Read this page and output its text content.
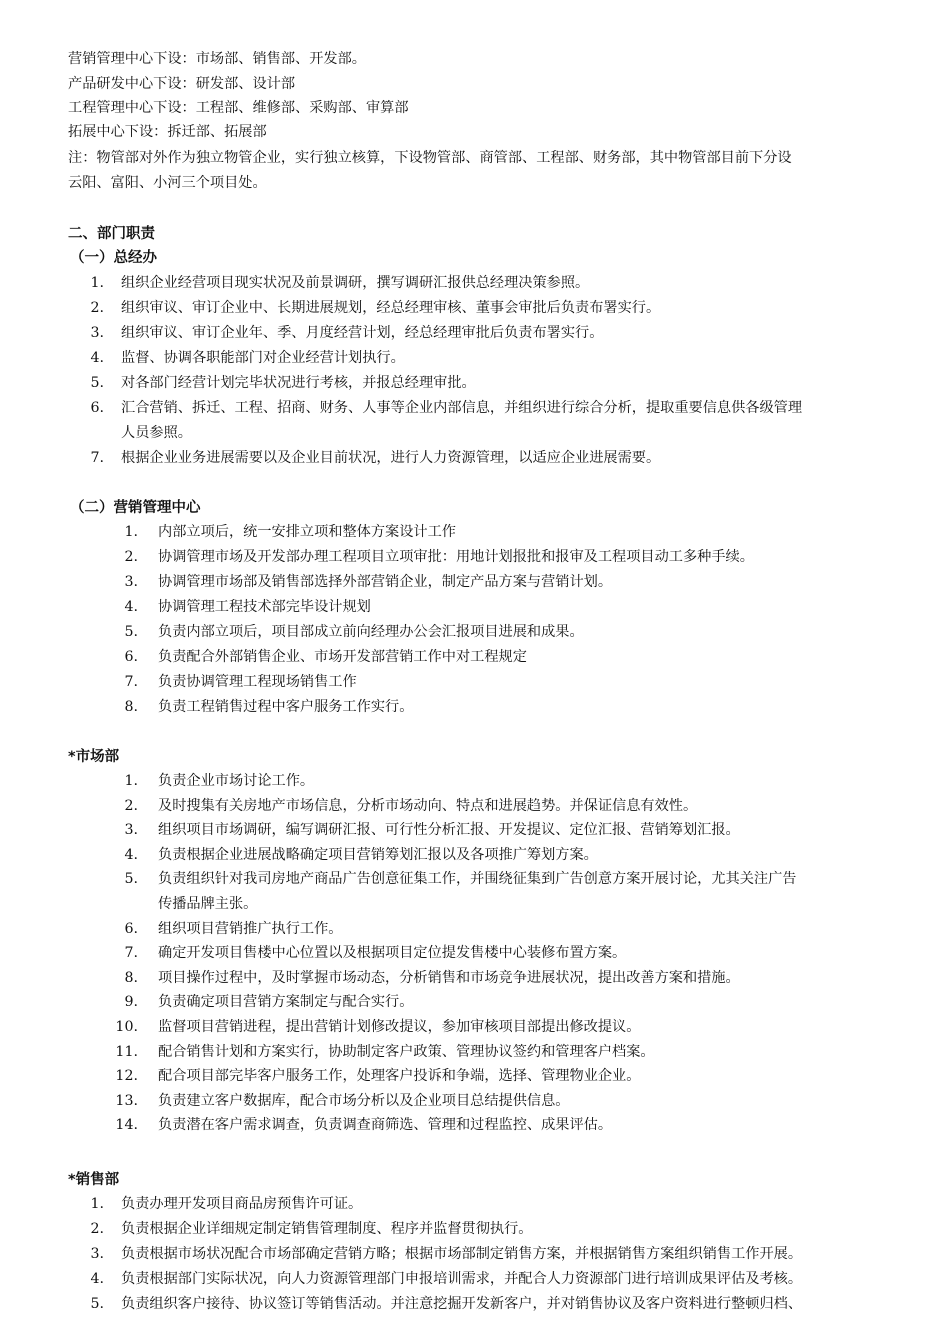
营销管理中心下设：市场部、销售部、开发部。
产品研发中心下设：研发部、设计部
工程管理中心下设：工程部、维修部、采购部、审算部
拓展中心下设：拆迁部、拓展部
注：物管部对外作为独立物管企业，实行独立核算，下设物管部、商管部、工程部、财务部，其中物管部目前下分设
云阳、富阳、小河三个项目处。
二、部门职责
（一）总经办
1. 组织企业经营项目现实状况及前景调研，撰写调研汇报供总经理决策参照。
2. 组织审议、审订企业中、长期进展规划，经总经理审核、董事会审批后负责布署实行。
3. 组织审议、审订企业年、季、月度经营计划，经总经理审批后负责布署实行。
4. 监督、协调各职能部门对企业经营计划执行。
5. 对各部门经营计划完毕状况进行考核，并报总经理审批。
6. 汇合营销、拆迁、工程、招商、财务、人事等企业内部信息，并组织进行综合分析，提取重要信息供各级管理
人员参照。
7. 根据企业业务进展需要以及企业目前状况，进行人力资源管理，以适应企业进展需要。
（二）营销管理中心
1. 内部立项后，统一安排立项和整体方案设计工作
2. 协调管理市场及开发部办理工程项目立项审批：用地计划报批和报审及工程项目动工多种手续。
3. 协调管理市场部及销售部选择外部营销企业，制定产品方案与营销计划。
4. 协调管理工程技术部完毕设计规划
5. 负责内部立项后，项目部成立前向经理办公会汇报项目进展和成果。
6. 负责配合外部销售企业、市场开发部营销工作中对工程规定
7. 负责协调管理工程现场销售工作
8. 负责工程销售过程中客户服务工作实行。
*市场部
1. 负责企业市场讨论工作。
2. 及时搜集有关房地产市场信息，分析市场动向、特点和进展趋势。并保证信息有效性。
3. 组织项目市场调研，编写调研汇报、可行性分析汇报、开发提议、定位汇报、营销筹划汇报。
4. 负责根据企业进展战略确定项目营销筹划汇报以及各项推广筹划方案。
5. 负责组织针对我司房地产商品广告创意征集工作，并围绕征集到广告创意方案开展讨论，尤其关注广告
传播品牌主张。
6. 组织项目营销推广执行工作。
7. 确定开发项目售楼中心位置以及根据项目定位提发售楼中心装修布置方案。
8. 项目操作过程中，及时掌握市场动态，分析销售和市场竞争进展状况，提出改善方案和措施。
9. 负责确定项目营销方案制定与配合实行。
10. 监督项目营销进程，提出营销计划修改提议，参加审核项目部提出修改提议。
11. 配合销售计划和方案实行，协助制定客户政策、管理协议签约和管理客户档案。
12. 配合项目部完毕客户服务工作，处理客户投诉和争端，选择、管理物业企业。
13. 负责建立客户数据库，配合市场分析以及企业项目总结提供信息。
14. 负责潜在客户需求调查，负责调查商筛选、管理和过程监控、成果评估。
*销售部
1. 负责办理开发项目商品房预售许可证。
2. 负责根据企业详细规定制定销售管理制度、程序并监督贯彻执行。
3. 负责根据市场状况配合市场部确定营销方略；根据市场部制定销售方案，并根据销售方案组织销售工作开展。
4. 负责根据部门实际状况，向人力资源管理部门申报培训需求，并配合人力资源部门进行培训成果评估及考核。
5. 负责组织客户接待、协议签订等销售活动。并注意挖掘开发新客户，并对销售协议及客户资料进行整顿归档、
